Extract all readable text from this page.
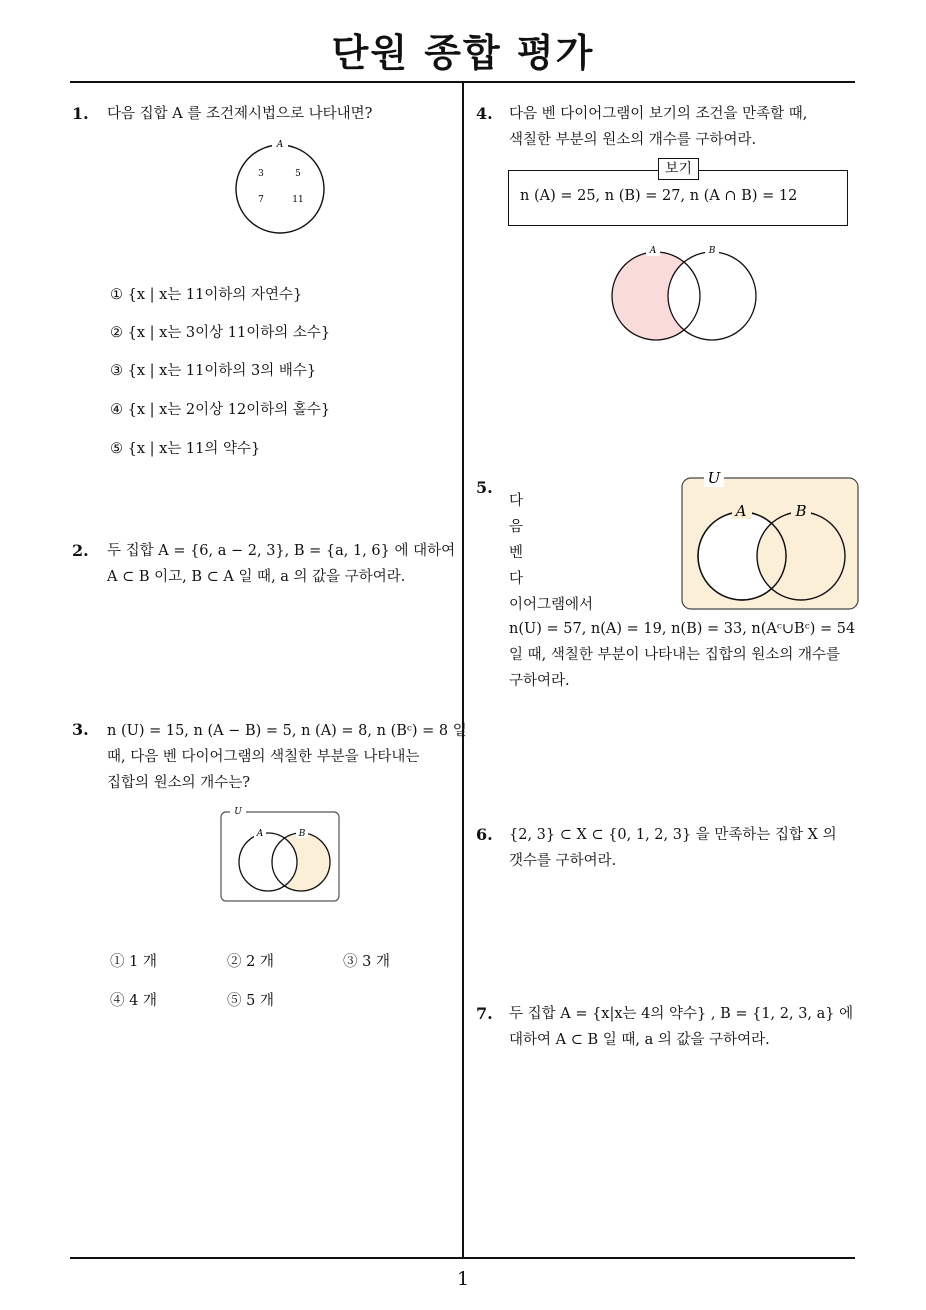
단원 종합 평가
1
1. 다음 집합 A 를 조건제시법으로 나타내면?
A
3	5
7	11
① {x | x는 11이하의 자연수}
② {x | x는 3이상 11이하의 소수}
③ {x | x는 11이하의 3의 배수}
④ {x | x는 2이상 12이하의 홀수}
⑤ {x | x는 11의 약수}
2. 두 집합 A = {6, a − 2, 3}, B = {a, 1, 6} 에 대하여
A ⊂ B 이고, B ⊂ A 일 때, a 의 값을 구하여라.
3. n (U) = 15, n (A − B) = 5, n (A) = 8, n (Bᶜ) = 8 일
때, 다음 벤 다이어그램의 색칠한 부분을 나타내는
집합의 원소의 개수는?
U
A	B
① 1 개	② 2 개	③ 3 개
④ 4 개	⑤ 5 개
4. 다음 벤 다이어그램이 보기의 조건을 만족할 때,
색칠한 부분의 원소의 개수를 구하여라.
보기
n (A) = 25, n (B) = 27, n (A ∩ B) = 12
A	B
5.
다
음
벤
다
이어그램에서
n(U) = 57, n(A) = 19, n(B) = 33, n(Aᶜ∪Bᶜ) = 54
일 때, 색칠한 부분이 나타내는 집합의 원소의 개수를
구하여라.
U
A	B
6. {2, 3} ⊂ X ⊂ {0, 1, 2, 3} 을 만족하는 집합 X 의
갯수를 구하여라.
7. 두 집합 A = {x|x는 4의 약수} , B = {1, 2, 3, a} 에
대하여 A ⊂ B 일 때, a 의 값을 구하여라.
